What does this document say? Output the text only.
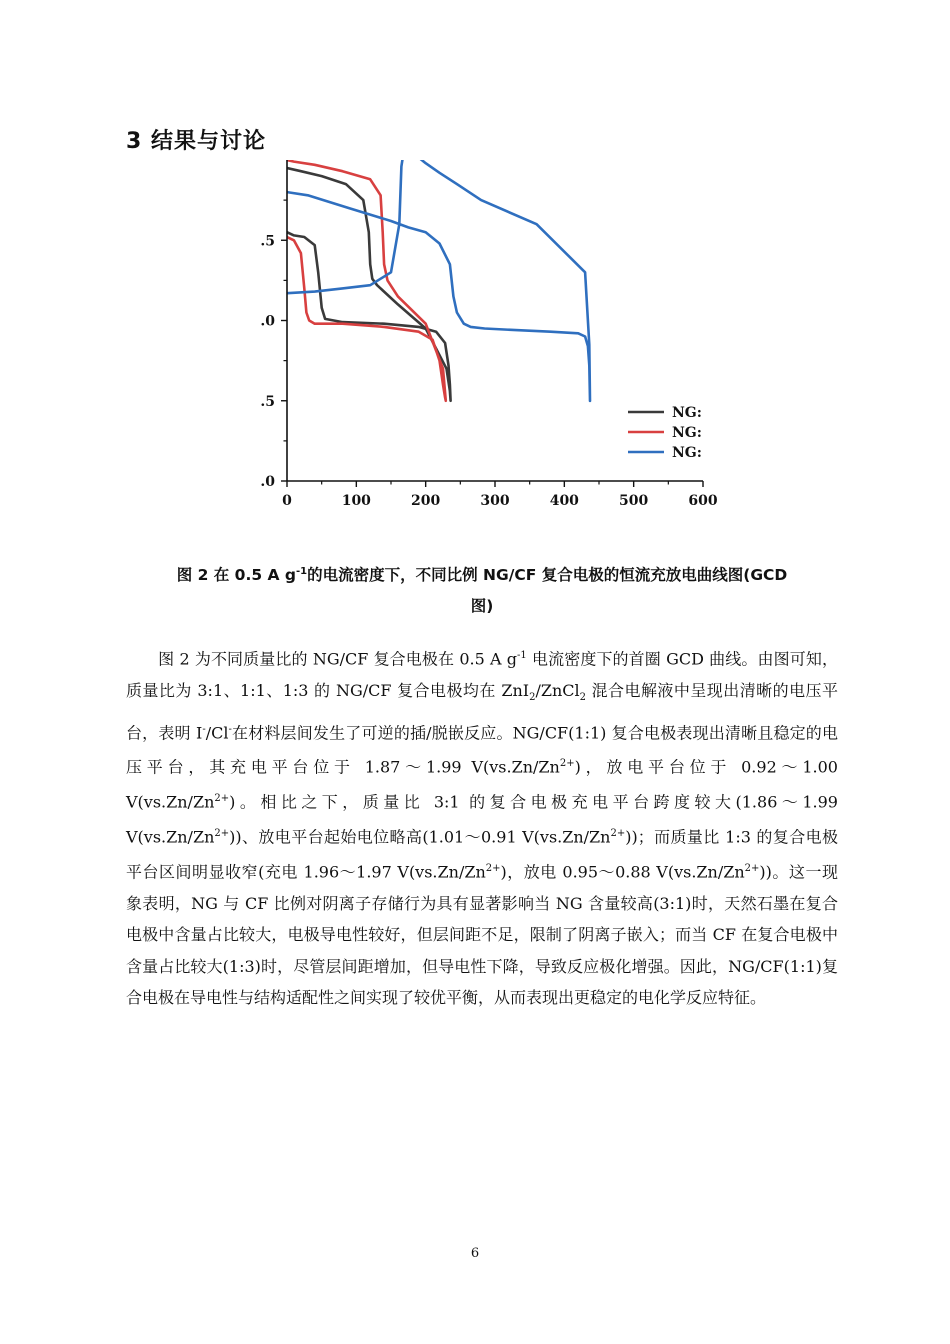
3 结果与讨论
0	100	200	300	400	500	600
.0
.5
.0
.5
NG:
NG:
NG:
图 2 在 0.5 A $g^{-1}$的电流密度下，不同比例 NG/CF 复合电极的恒流充放电曲线图(GCD
图)
图 2 为不同质量比的 NG/CF 复合电极在 0.5 A $g^{-1}$ 电流密度下的首圈 GCD 曲线。由图可知，质量比为 3:1、1:1、1:3 的 NG/CF 复合电极均在 ZnI$_2$/ZnCl$_2$ 混合电解液中呈现出清晰的电压平台，表明 I-/Cl-在材料层间发生了可逆的插/脱嵌反应。NG/CF(1:1) 复合电极表现出清晰且稳定的电压平台，其充电平台位于 1.87～1.99 $V(vs.Zn/Zn^{2+})$，放电平台位于 0.92～1.00 $V(vs.Zn/Zn^{2+})$。相比之下，质量比 3:1 的复合电极充电平台跨度较大(1.86～1.99 $V(vs.Zn/Zn^{2+})$)、放电平台起始电位略高(1.01～0.91 $V(vs.Zn/Zn^{2+})$)；而质量比 1:3 的复合电极平台区间明显收窄(充电 1.96～1.97 $V(vs.Zn/Zn^{2+})$，放电 0.95～0.88 $V(vs.Zn/Zn^{2+})$)。这一现象表明，NG 与 CF 比例对阴离子存储行为具有显著影响当 NG 含量较高(3:1)时，天然石墨在复合电极中含量占比较大，电极导电性较好，但层间距不足，限制了阴离子嵌入；而当 CF 在复合电极中含量占比较大(1:3)时，尽管层间距增加，但导电性下降，导致反应极化增强。因此，NG/CF(1:1)复合电极在导电性与结构适配性之间实现了较优平衡，从而表现出更稳定的电化学反应特征。
6
